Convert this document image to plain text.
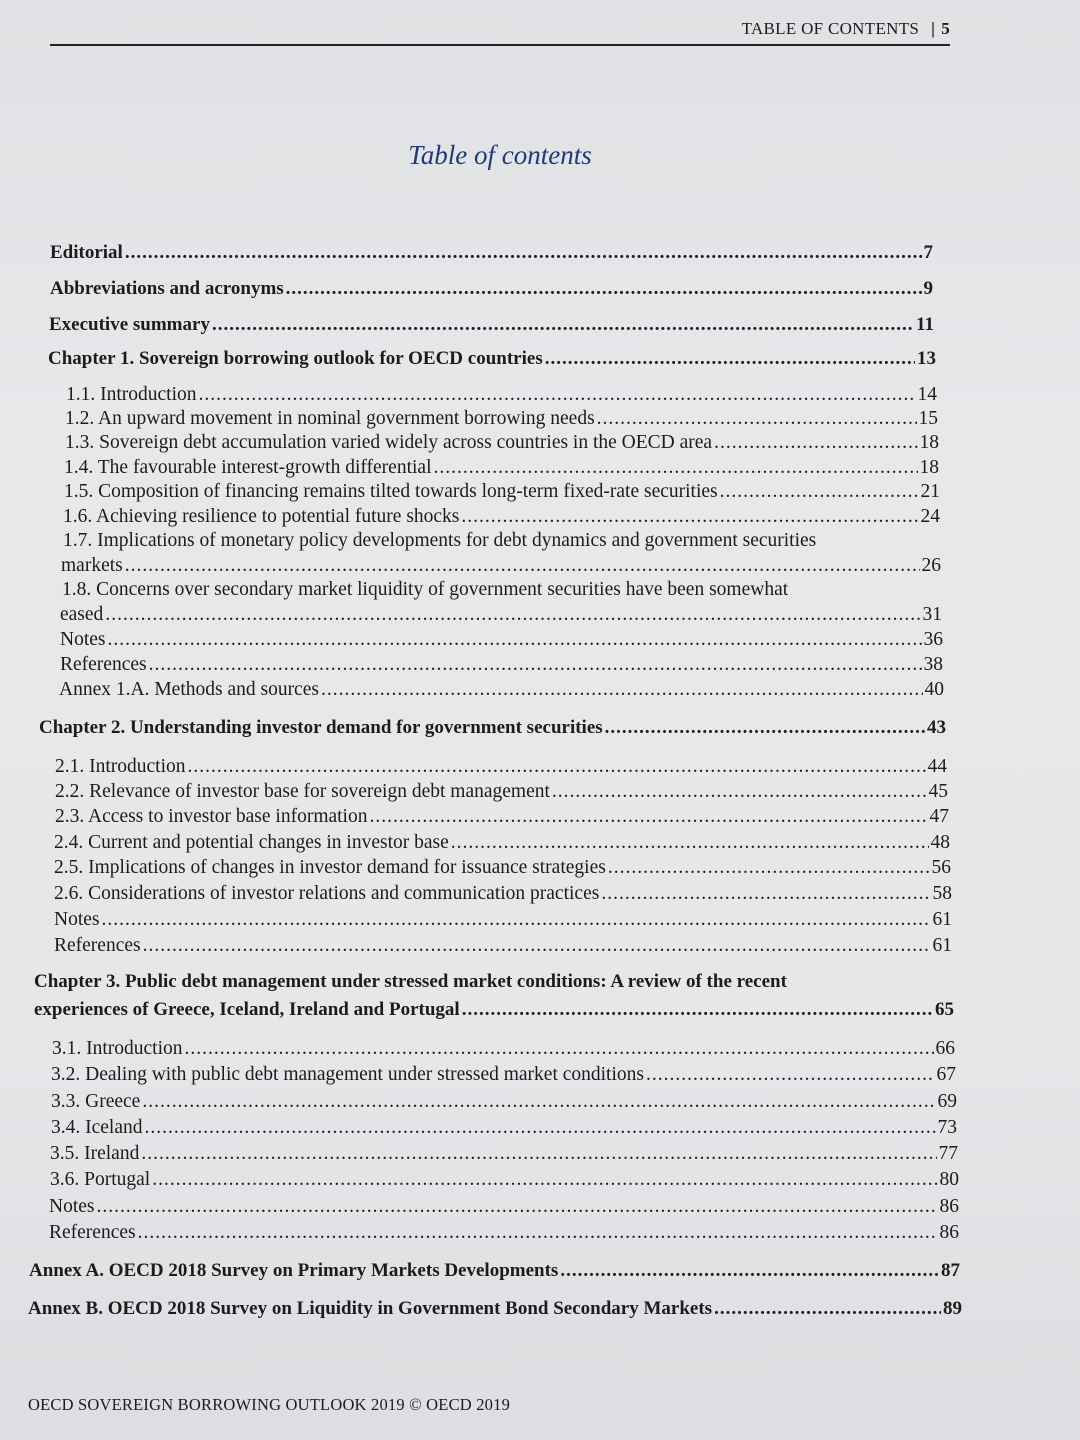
TABLE OF CONTENTS | 5
Table of contents
Editorial .....	7
Abbreviations and acronyms .....	9
Executive summary .....	11
Chapter 1. Sovereign borrowing outlook for OECD countries .....	13
1.1. Introduction .....	14
1.2. An upward movement in nominal government borrowing needs .....	15
1.3. Sovereign debt accumulation varied widely across countries in the OECD area .....	18
1.4. The favourable interest-growth differential .....	18
1.5. Composition of financing remains tilted towards long-term fixed-rate securities .....	21
1.6. Achieving resilience to potential future shocks .....	24
1.7. Implications of monetary policy developments for debt dynamics and government securities
markets .....	26
1.8. Concerns over secondary market liquidity of government securities have been somewhat
eased .....	31
Notes .....	36
References .....	38
Annex 1.A. Methods and sources .....	40
Chapter 2. Understanding investor demand for government securities .....	43
2.1. Introduction .....	44
2.2. Relevance of investor base for sovereign debt management .....	45
2.3. Access to investor base information .....	47
2.4. Current and potential changes in investor base .....	48
2.5. Implications of changes in investor demand for issuance strategies .....	56
2.6. Considerations of investor relations and communication practices .....	58
Notes .....	61
References .....	61
Chapter 3. Public debt management under stressed market conditions: A review of the recent
experiences of Greece, Iceland, Ireland and Portugal .....	65
3.1. Introduction .....	66
3.2. Dealing with public debt management under stressed market conditions .....	67
3.3. Greece .....	69
3.4. Iceland .....	73
3.5. Ireland .....	77
3.6. Portugal .....	80
Notes .....	86
References .....	86
Annex A. OECD 2018 Survey on Primary Markets Developments .....	87
Annex B. OECD 2018 Survey on Liquidity in Government Bond Secondary Markets .....	89
OECD SOVEREIGN BORROWING OUTLOOK 2019 © OECD 2019
